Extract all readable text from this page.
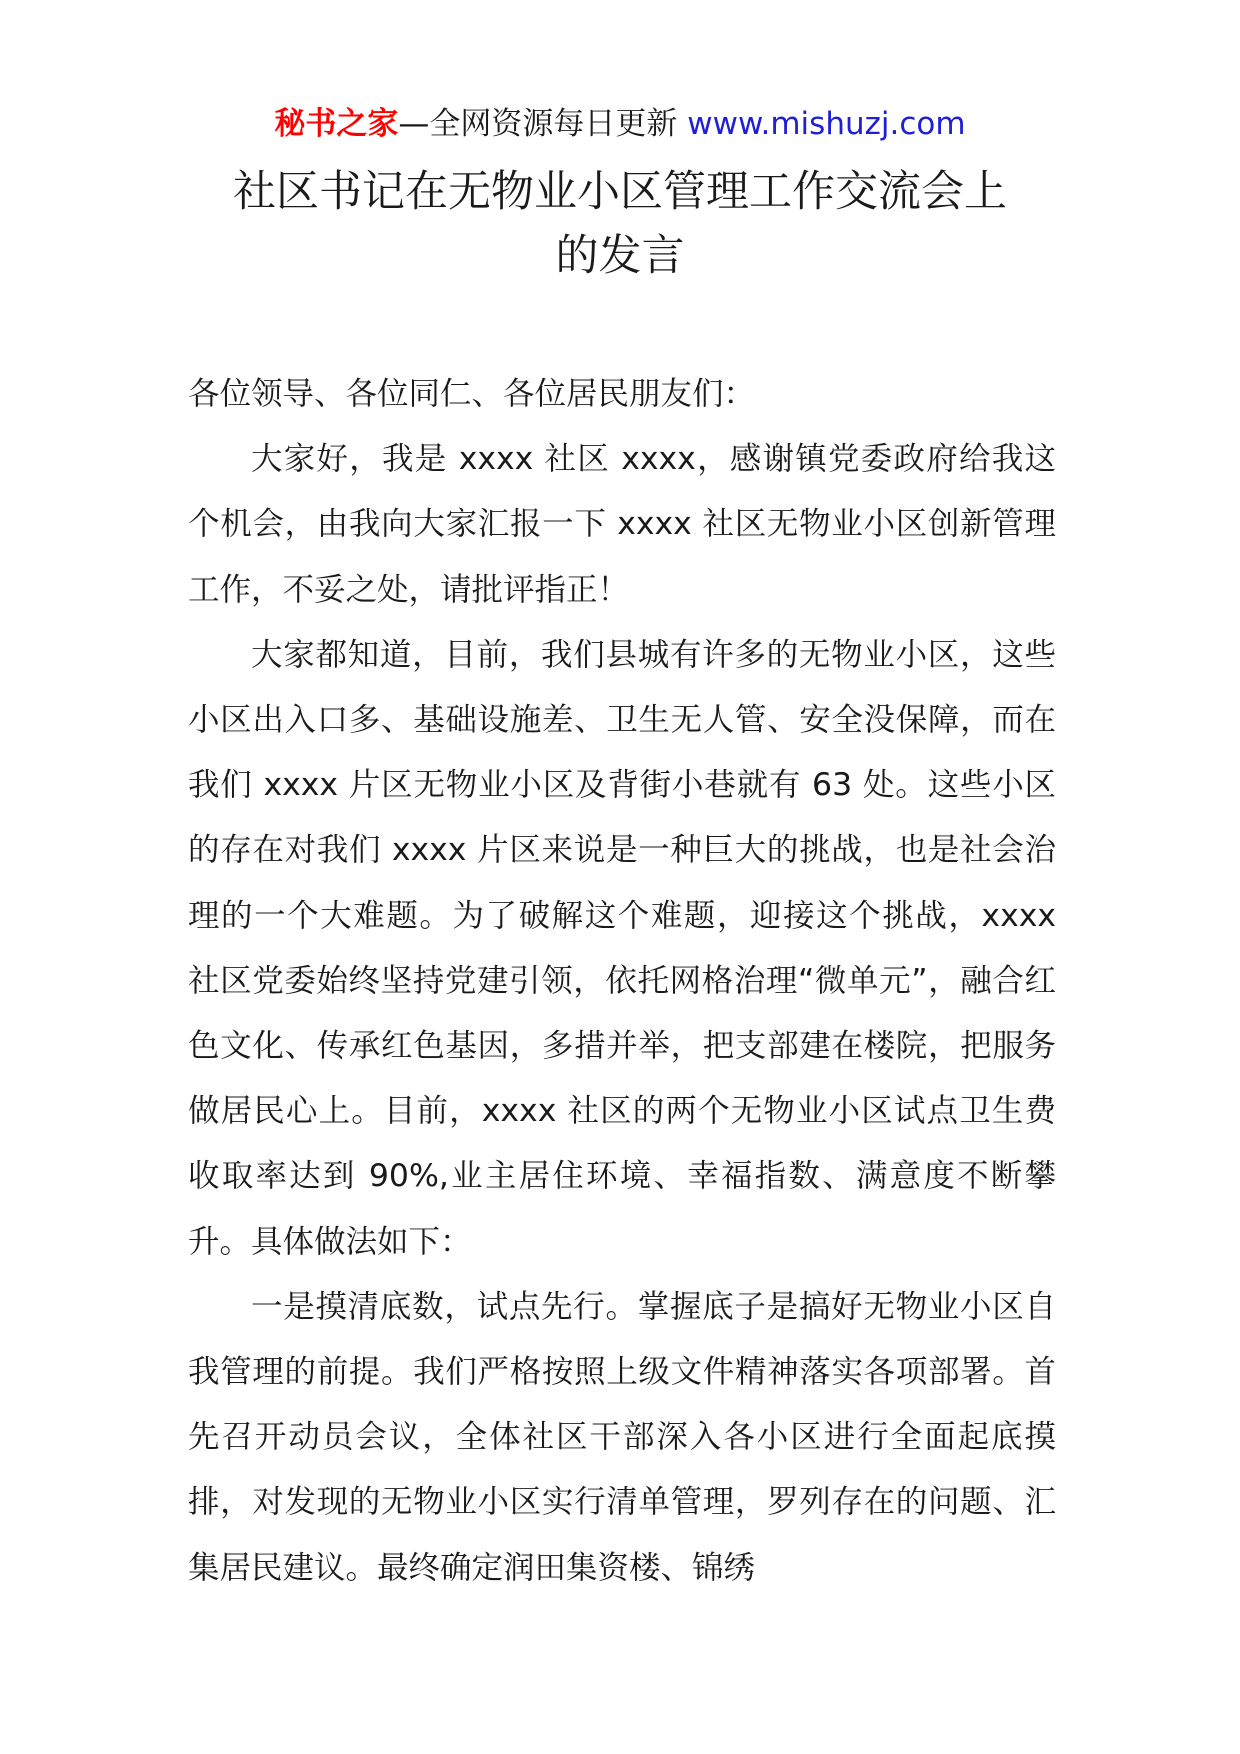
秘书之家—全网资源每日更新 www.mishuzj.com
社区书记在无物业小区管理工作交流会上
的发言

各位领导、各位同仁、各位居民朋友们：

大家好，我是 xxxx 社区 xxxx，感谢镇党委政府给我这个机会，由我向大家汇报一下 xxxx 社区无物业小区创新管理工作，不妥之处，请批评指正！

大家都知道，目前，我们县城有许多的无物业小区，这些小区出入口多、基础设施差、卫生无人管、安全没保障，而在我们 xxxx 片区无物业小区及背街小巷就有 63 处。这些小区的存在对我们 xxxx 片区来说是一种巨大的挑战，也是社会治理的一个大难题。为了破解这个难题，迎接这个挑战，xxxx 社区党委始终坚持党建引领，依托网格治理“微单元”，融合红色文化、传承红色基因，多措并举，把支部建在楼院，把服务做居民心上。目前，xxxx 社区的两个无物业小区试点卫生费收取率达到 90%,业主居住环境、幸福指数、满意度不断攀升。具体做法如下：

一是摸清底数，试点先行。掌握底子是搞好无物业小区自我管理的前提。我们严格按照上级文件精神落实各项部署。首先召开动员会议，全体社区干部深入各小区进行全面起底摸排，对发现的无物业小区实行清单管理，罗列存在的问题、汇集居民建议。最终确定润田集资楼、锦绣
